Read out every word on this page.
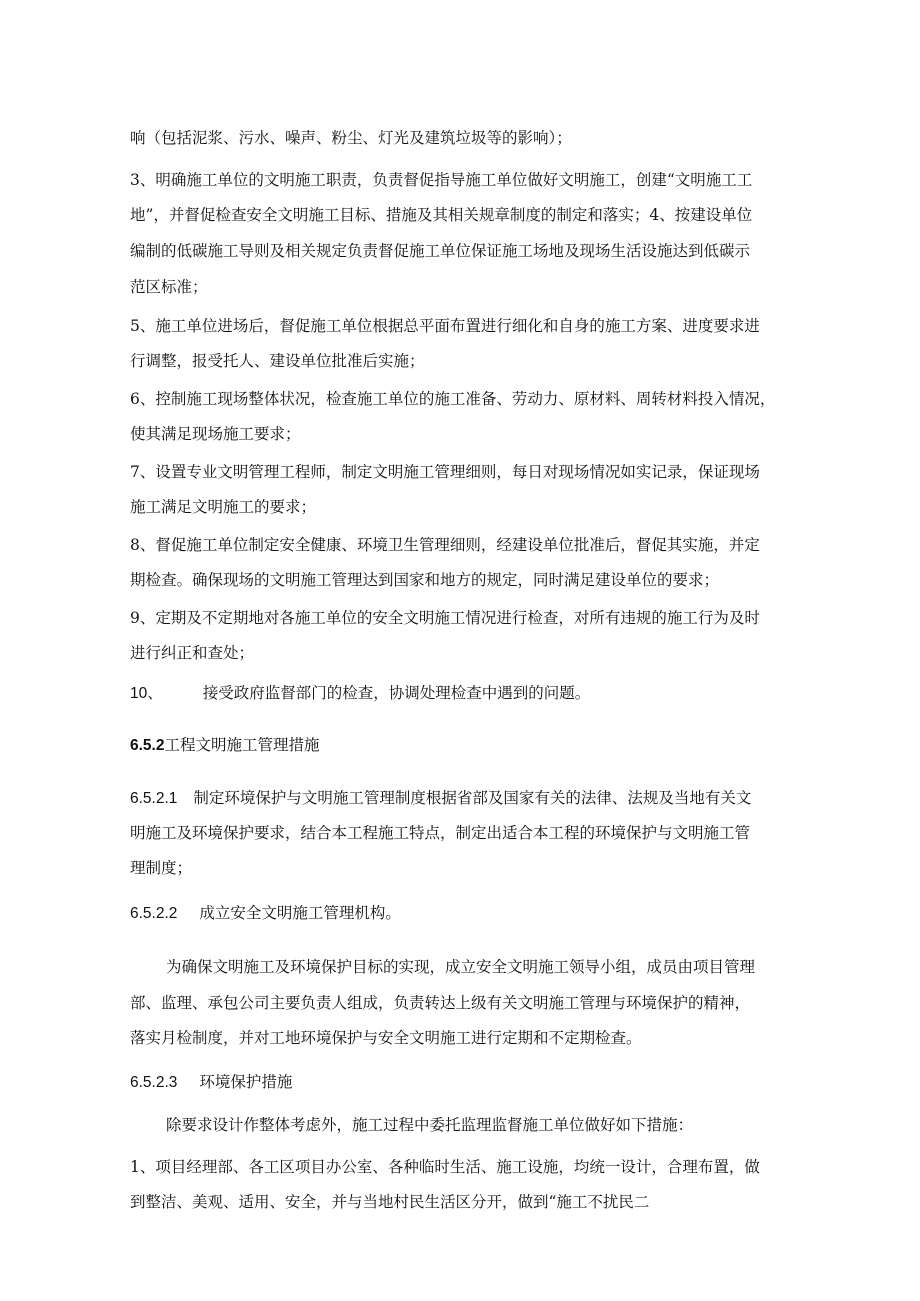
响（包括泥浆、污水、噪声、粉尘、灯光及建筑垃圾等的影响）；
3、明确施工单位的文明施工职责，负责督促指导施工单位做好文明施工，创建“文明施工工
地”，并督促检查安全文明施工目标、措施及其相关规章制度的制定和落实；4、按建设单位
编制的低碳施工导则及相关规定负责督促施工单位保证施工场地及现场生活设施达到低碳示
范区标准；
5、施工单位进场后，督促施工单位根据总平面布置进行细化和自身的施工方案、进度要求进
行调整，报受托人、建设单位批准后实施；
6、控制施工现场整体状况，检查施工单位的施工准备、劳动力、原材料、周转材料投入情况，
使其满足现场施工要求；
7、设置专业文明管理工程师，制定文明施工管理细则，每日对现场情况如实记录，保证现场
施工满足文明施工的要求；
8、督促施工单位制定安全健康、环境卫生管理细则，经建设单位批准后，督促其实施，并定
期检查。确保现场的文明施工管理达到国家和地方的规定，同时满足建设单位的要求；
9、定期及不定期地对各施工单位的安全文明施工情况进行检查，对所有违规的施工行为及时
进行纠正和查处；
10、	接受政府监督部门的检查，协调处理检查中遇到的问题。
6.5.2工程文明施工管理措施
6.5.2.1 制定环境保护与文明施工管理制度根据省部及国家有关的法律、法规及当地有关文
明施工及环境保护要求，结合本工程施工特点，制定出适合本工程的环境保护与文明施工管
理制度；
6.5.2.2 成立安全文明施工管理机构。
为确保文明施工及环境保护目标的实现，成立安全文明施工领导小组，成员由项目管理
部、监理、承包公司主要负责人组成，负责转达上级有关文明施工管理与环境保护的精神，
落实月检制度，并对工地环境保护与安全文明施工进行定期和不定期检查。
6.5.2.3 环境保护措施
除要求设计作整体考虑外，施工过程中委托监理监督施工单位做好如下措施：
1、项目经理部、各工区项目办公室、各种临时生活、施工设施，均统一设计，合理布置，做
到整洁、美观、适用、安全，并与当地村民生活区分开，做到“施工不扰民二
